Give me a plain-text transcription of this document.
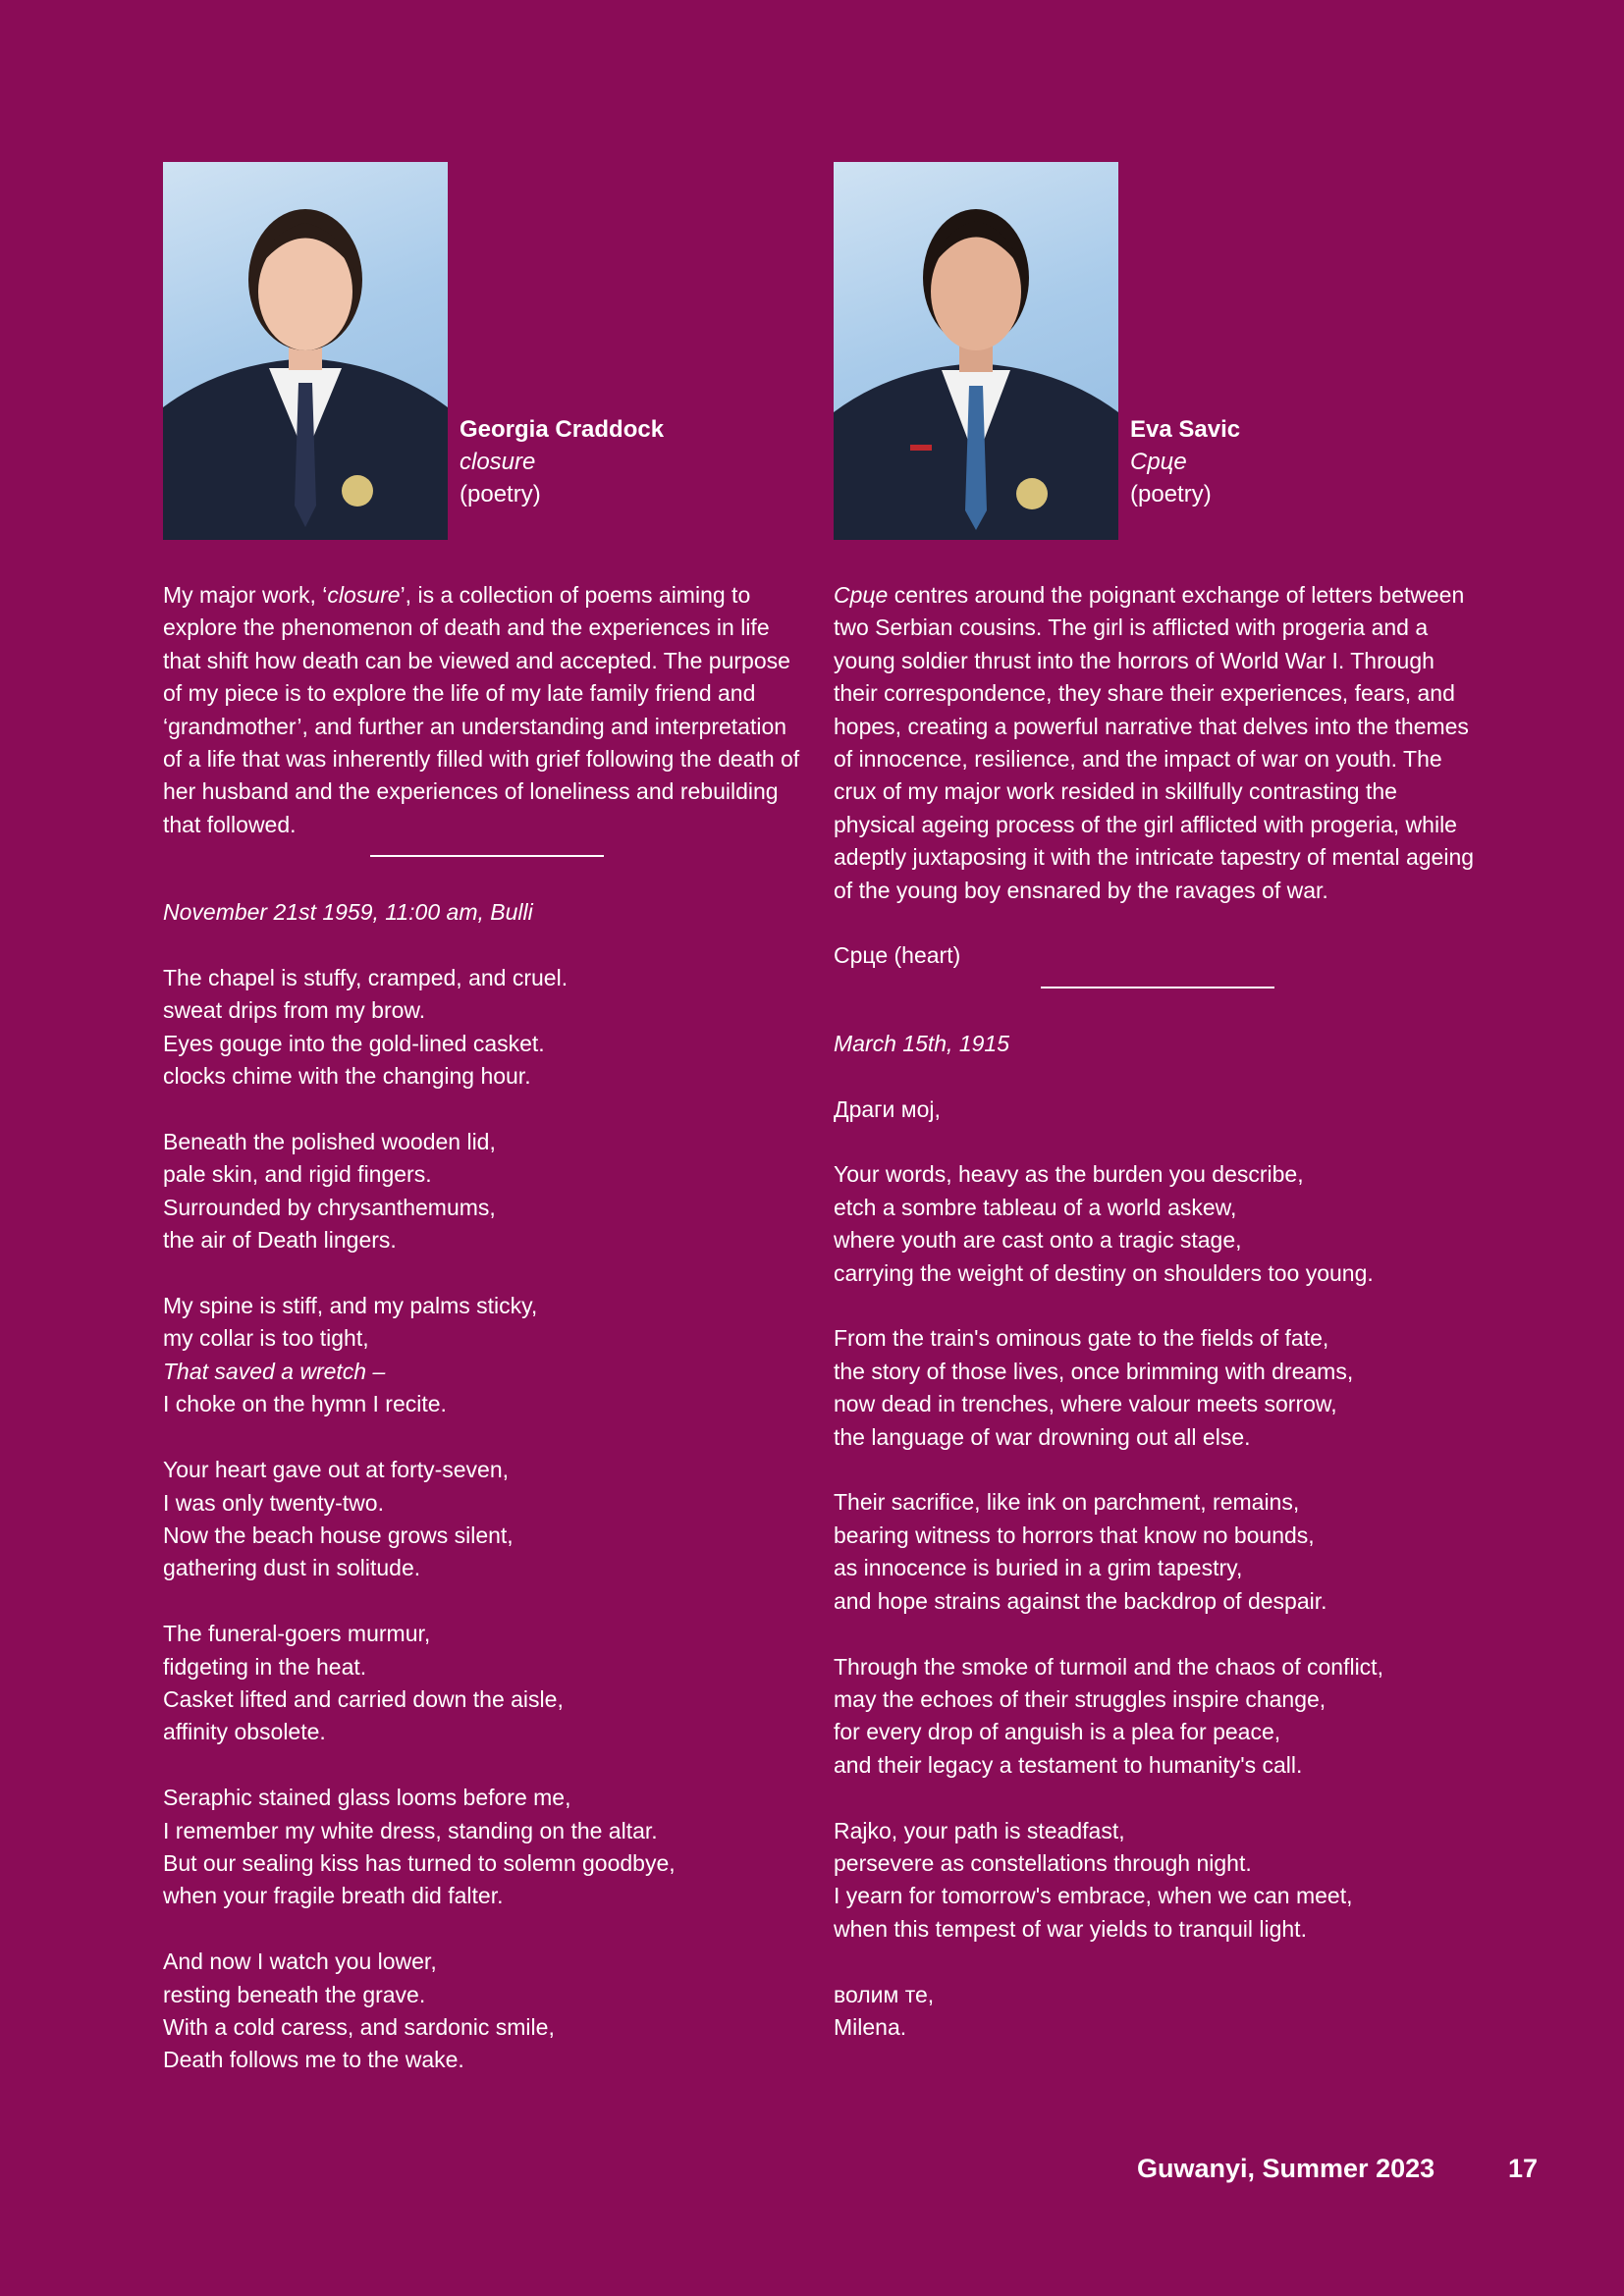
Georgia Craddock
closure
(poetry)
My major work, ‘closure’, is a collection of poems aiming to explore the phenomenon of death and the experiences in life that shift how death can be viewed and accepted. The purpose of my piece is to explore the life of my late family friend and ‘grandmother’, and further an understanding and interpretation of a life that was inherently filled with grief following the death of her husband and the experiences of loneliness and rebuilding that followed.
November 21st 1959, 11:00 am, Bulli
The chapel is stuffy, cramped, and cruel.
sweat drips from my brow.
Eyes gouge into the gold-lined casket.
clocks chime with the changing hour.
Beneath the polished wooden lid,
pale skin, and rigid fingers.
Surrounded by chrysanthemums,
the air of Death lingers.
My spine is stiff, and my palms sticky,
my collar is too tight,
That saved a wretch –
I choke on the hymn I recite.
Your heart gave out at forty-seven,
I was only twenty-two.
Now the beach house grows silent,
gathering dust in solitude.
The funeral-goers murmur,
fidgeting in the heat.
Casket lifted and carried down the aisle,
affinity obsolete.
Seraphic stained glass looms before me,
I remember my white dress, standing on the altar.
But our sealing kiss has turned to solemn goodbye,
when your fragile breath did falter.
And now I watch you lower,
resting beneath the grave.
With a cold caress, and sardonic smile,
Death follows me to the wake.
Eva Savic
Срце
(poetry)
Срце centres around the poignant exchange of letters between two Serbian cousins. The girl is afflicted with progeria and a young soldier thrust into the horrors of World War I. Through their correspondence, they share their experiences, fears, and hopes, creating a powerful narrative that delves into the themes of innocence, resilience, and the impact of war on youth. The crux of my major work resided in skillfully contrasting the physical ageing process of the girl afflicted with progeria, while adeptly juxtaposing it with the intricate tapestry of mental ageing of the young boy ensnared by the ravages of war.
Срце (heart)
March 15th, 1915
Драги мој,
Your words, heavy as the burden you describe,
etch a sombre tableau of a world askew,
where youth are cast onto a tragic stage,
carrying the weight of destiny on shoulders too young.
From the train's ominous gate to the fields of fate,
the story of those lives, once brimming with dreams,
now dead in trenches, where valour meets sorrow,
the language of war drowning out all else.
Their sacrifice, like ink on parchment, remains,
bearing witness to horrors that know no bounds,
as innocence is buried in a grim tapestry,
and hope strains against the backdrop of despair.
Through the smoke of turmoil and the chaos of conflict,
may the echoes of their struggles inspire change,
for every drop of anguish is a plea for peace,
and their legacy a testament to humanity's call.
Rajko, your path is steadfast,
persevere as constellations through night.
I yearn for tomorrow's embrace, when we can meet,
when this tempest of war yields to tranquil light.
волим те,
Milena.
Guwanyi, Summer 2023	17
